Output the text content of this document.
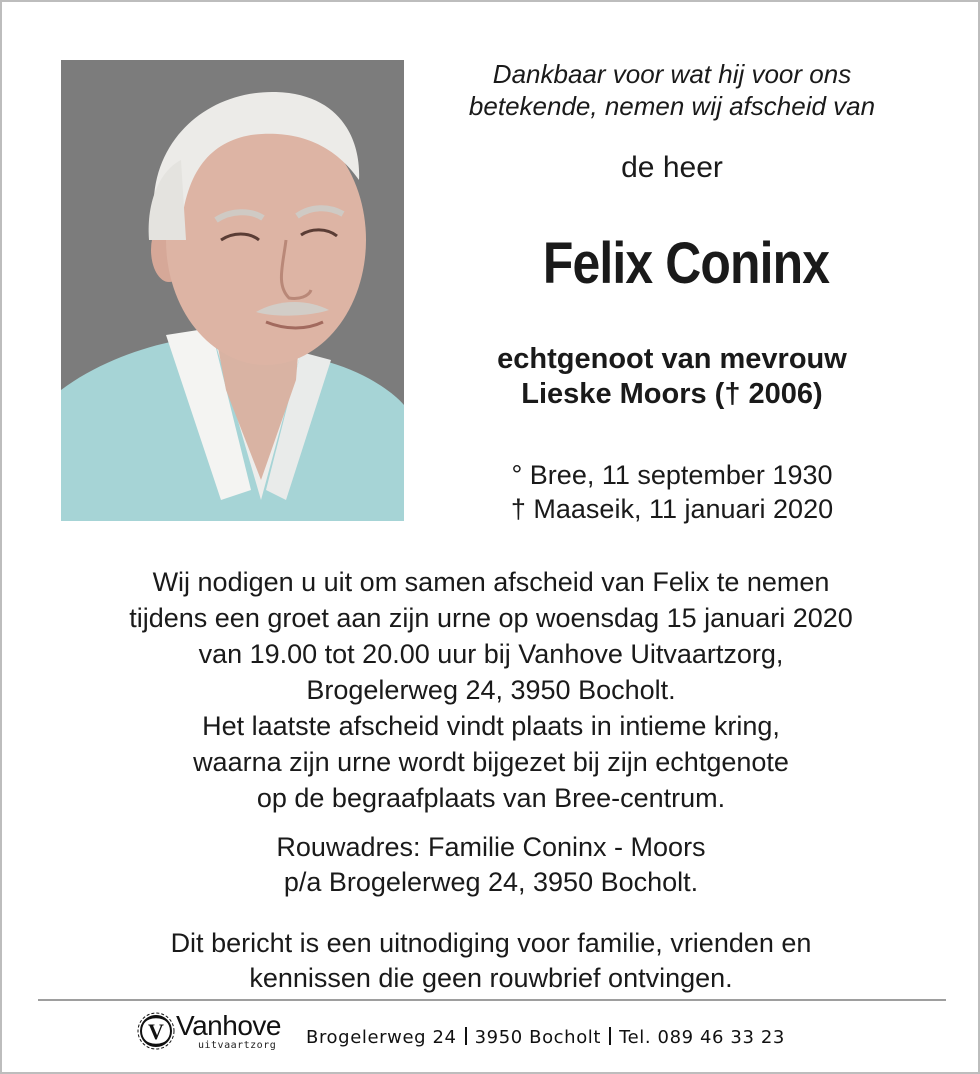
Dankbaar voor wat hij voor ons
betekende, nemen wij afscheid van
de heer
Felix Coninx
echtgenoot van mevrouw
Lieske Moors († 2006)
° Bree, 11 september 1930
† Maaseik, 11 januari 2020
Wij nodigen u uit om samen afscheid van Felix te nemen
tijdens een groet aan zijn urne op woensdag 15 januari 2020
van 19.00 tot 20.00 uur bij Vanhove Uitvaartzorg,
Brogelerweg 24, 3950 Bocholt.
Het laatste afscheid vindt plaats in intieme kring,
waarna zijn urne wordt bijgezet bij zijn echtgenote
op de begraafplaats van Bree-centrum.
Rouwadres: Familie Coninx - Moors
p/a Brogelerweg 24, 3950 Bocholt.
Dit bericht is een uitnodiging voor familie, vrienden en
kennissen die geen rouwbrief ontvingen.
V Vanhove
uitvaartzorg Brogelerweg 24 3950 Bocholt Tel. 089 46 33 23
